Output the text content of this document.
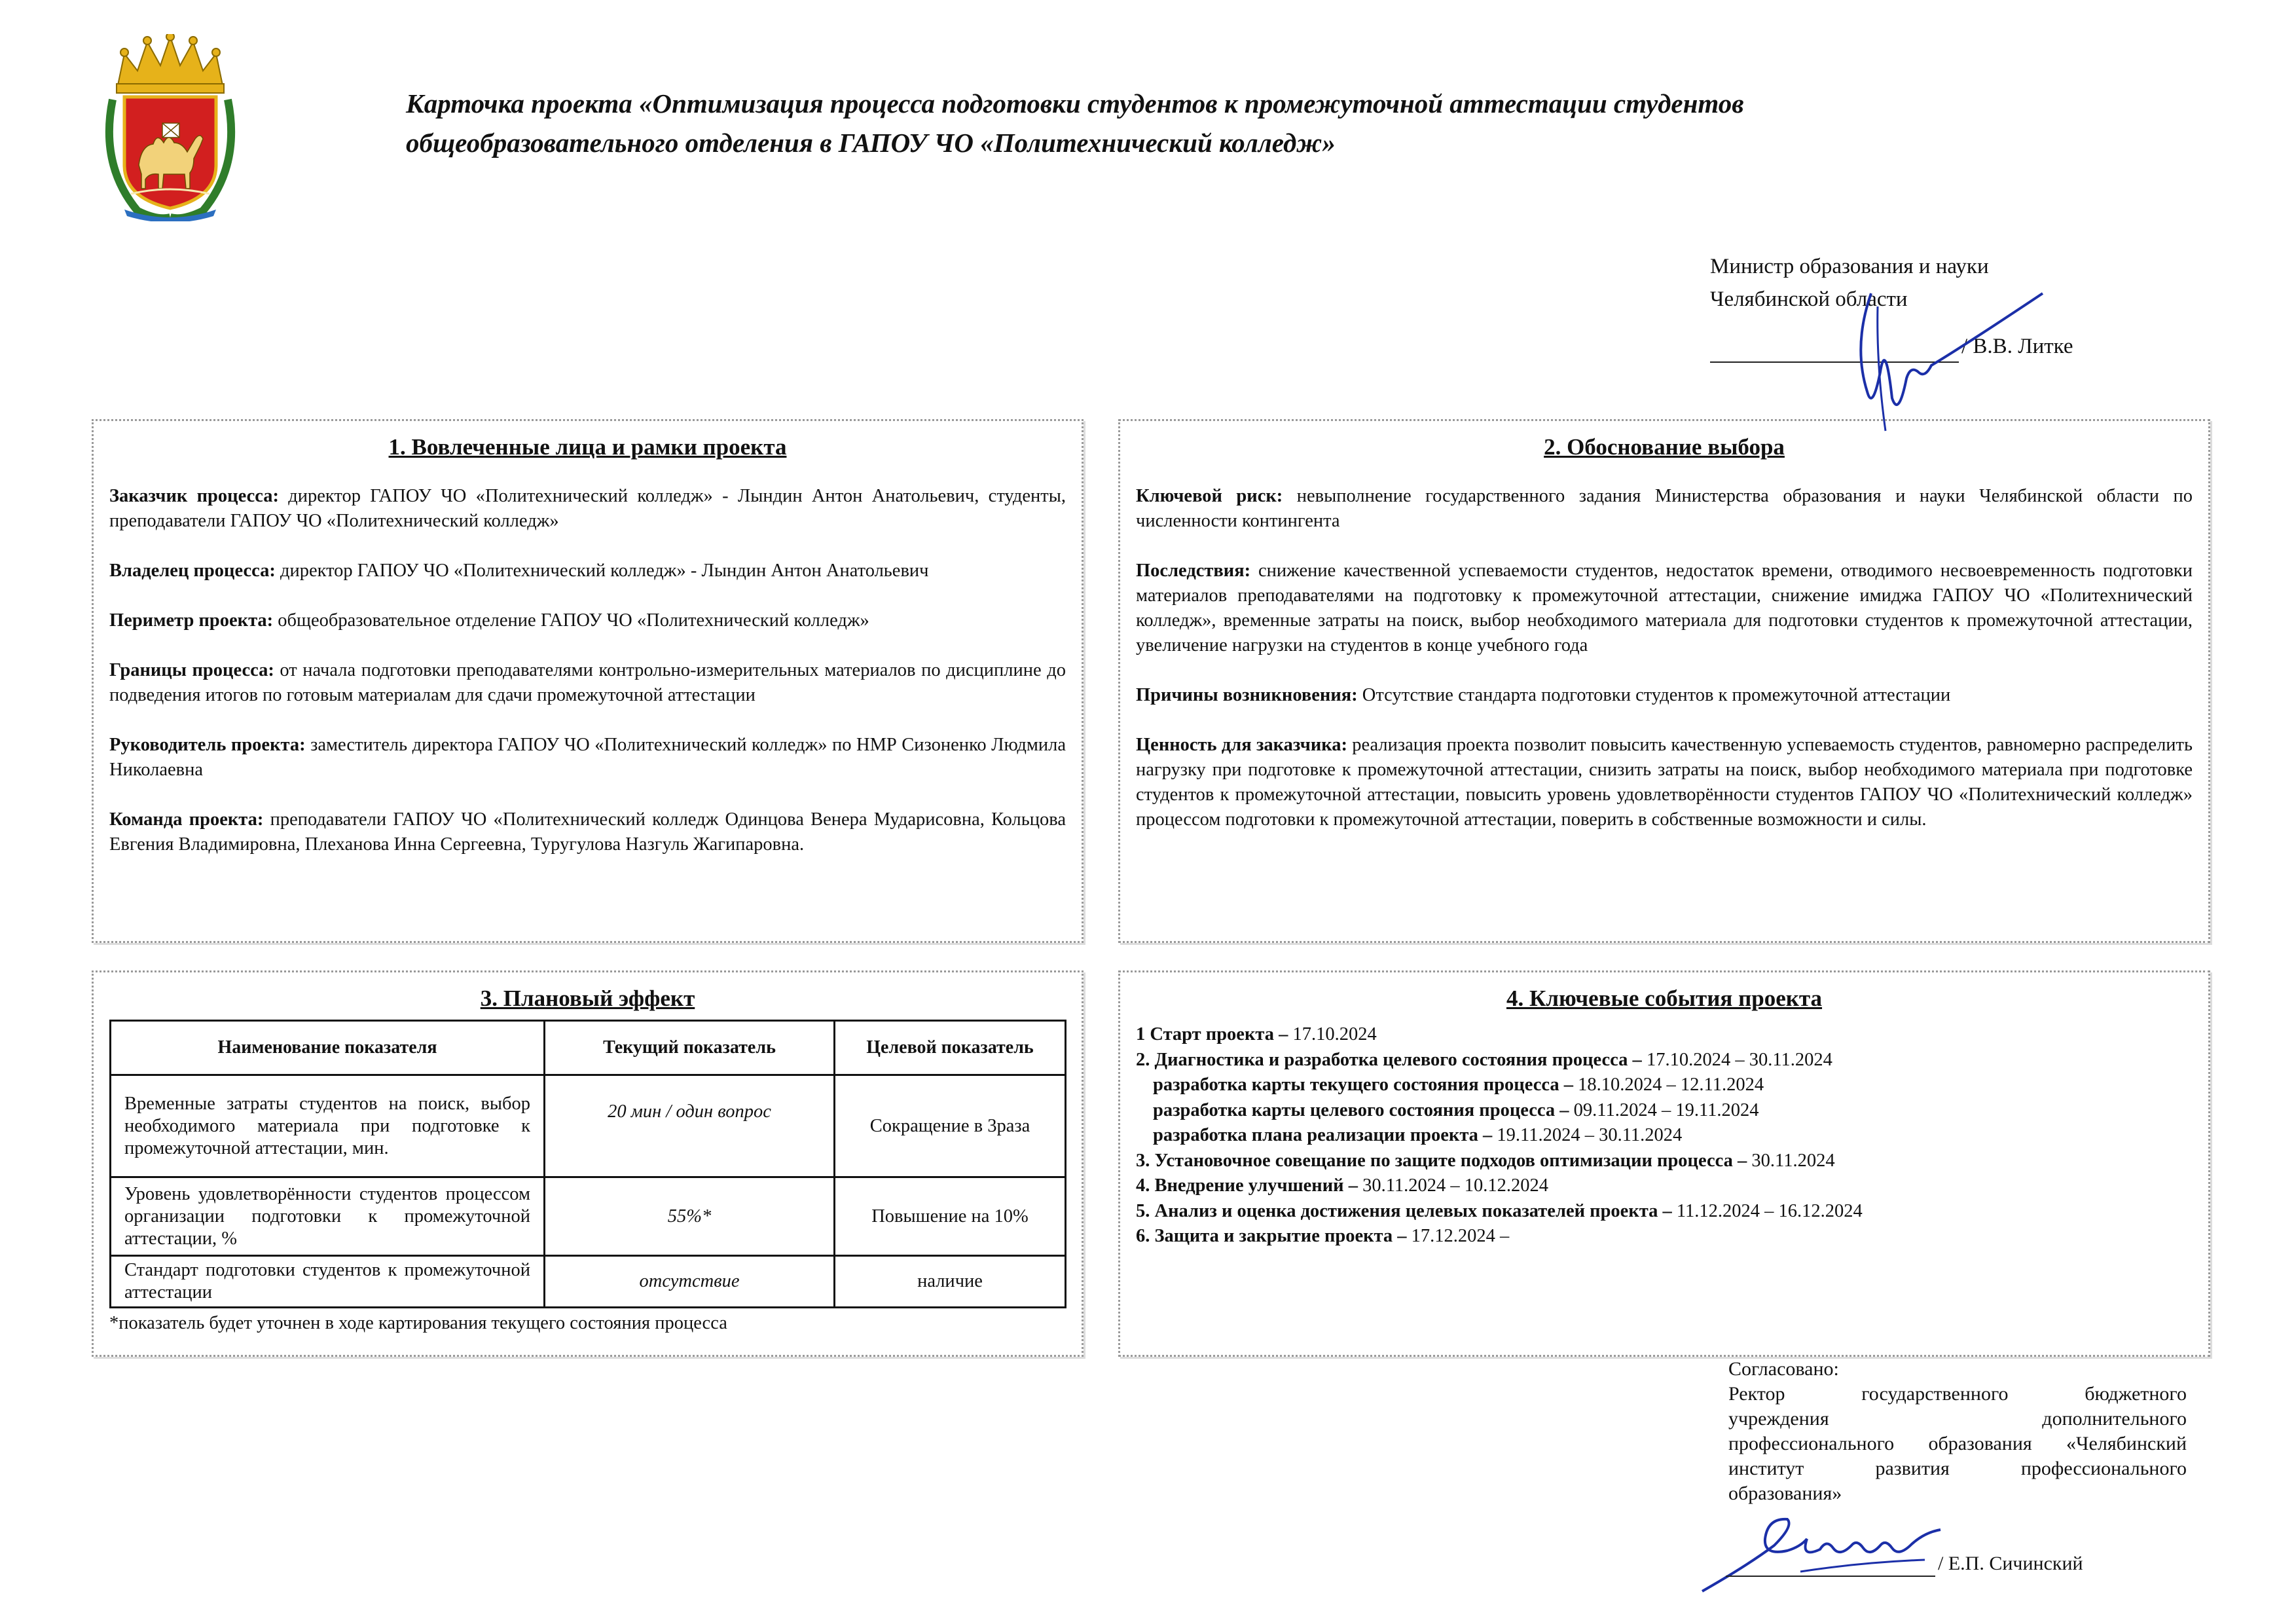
Карточка проекта «Оптимизация процесса подготовки студентов к промежуточной аттестации студентов
общеобразовательного отделения в ГАПОУ ЧО «Политехнический колледж»
Министр образования и науки
Челябинской области
/ В.В. Литке
1. Вовлеченные лица и рамки проекта

Заказчик процесса: директор ГАПОУ ЧО «Политехнический колледж» - Лындин Антон Анатольевич, студенты, преподаватели ГАПОУ ЧО «Политехнический колледж»

Владелец процесса: директор ГАПОУ ЧО «Политехнический колледж» - Лындин Антон Анатольевич

Периметр проекта: общеобразовательное отделение ГАПОУ ЧО «Политехнический колледж»

Границы процесса: от начала подготовки преподавателями контрольно-измерительных материалов по дисциплине до подведения итогов по готовым материалам для сдачи промежуточной аттестации

Руководитель проекта: заместитель директора ГАПОУ ЧО «Политехнический колледж» по НМР Сизоненко Людмила Николаевна

Команда проекта: преподаватели ГАПОУ ЧО «Политехнический колледж Одинцова Венера Мударисовна, Кольцова Евгения Владимировна, Плеханова Инна Сергеевна, Туругулова Назгуль Жагипаровна.

2. Обоснование выбора

Ключевой риск: невыполнение государственного задания Министерства образования и науки Челябинской области по численности контингента

Последствия: снижение качественной успеваемости студентов, недостаток времени, отводимого несвоевременность подготовки материалов преподавателями на подготовку к промежуточной аттестации, снижение имиджа ГАПОУ ЧО «Политехнический колледж», временные затраты на поиск, выбор необходимого материала для подготовки студентов к промежуточной аттестации, увеличение нагрузки на студентов в конце учебного года

Причины возникновения: Отсутствие стандарта подготовки студентов к промежуточной аттестации

Ценность для заказчика: реализация проекта позволит повысить качественную успеваемость студентов, равномерно распределить нагрузку при подготовке к промежуточной аттестации, снизить затраты на поиск, выбор необходимого материала при подготовке студентов к промежуточной аттестации, повысить уровень удовлетворённости студентов ГАПОУ ЧО «Политехнический колледж» процессом подготовки к промежуточной аттестации, поверить в собственные возможности и силы.

3. Плановый эффект
Наименование показателя	Текущий показатель	Целевой показатель
Временные затраты студентов на поиск, выбор необходимого материала при подготовке к промежуточной аттестации, мин.	20 мин / один вопрос	Сокращение в 3раза
Уровень удовлетворённости студентов процессом организации подготовки к промежуточной аттестации, %	55%*	Повышение на 10%
Стандарт подготовки студентов к промежуточной аттестации	отсутствие	наличие
*показатель будет уточнен в ходе картирования текущего состояния процесса
4. Ключевые события проекта
1 Старт проекта – 17.10.2024
2. Диагностика и разработка целевого состояния процесса – 17.10.2024 – 30.11.2024
разработка карты текущего состояния процесса – 18.10.2024 – 12.11.2024
разработка карты целевого состояния процесса – 09.11.2024 – 19.11.2024
разработка плана реализации проекта – 19.11.2024 – 30.11.2024
3. Установочное совещание по защите подходов оптимизации процесса – 30.11.2024
4. Внедрение улучшений – 30.11.2024 – 10.12.2024
5. Анализ и оценка достижения целевых показателей проекта – 11.12.2024 – 16.12.2024
6. Защита и закрытие проекта – 17.12.2024 –
Согласовано:
Ректор государственного бюджетного
учреждения дополнительного
профессионального образования «Челябинский
институт развития профессионального
образования»
/ Е.П. Сичинский
